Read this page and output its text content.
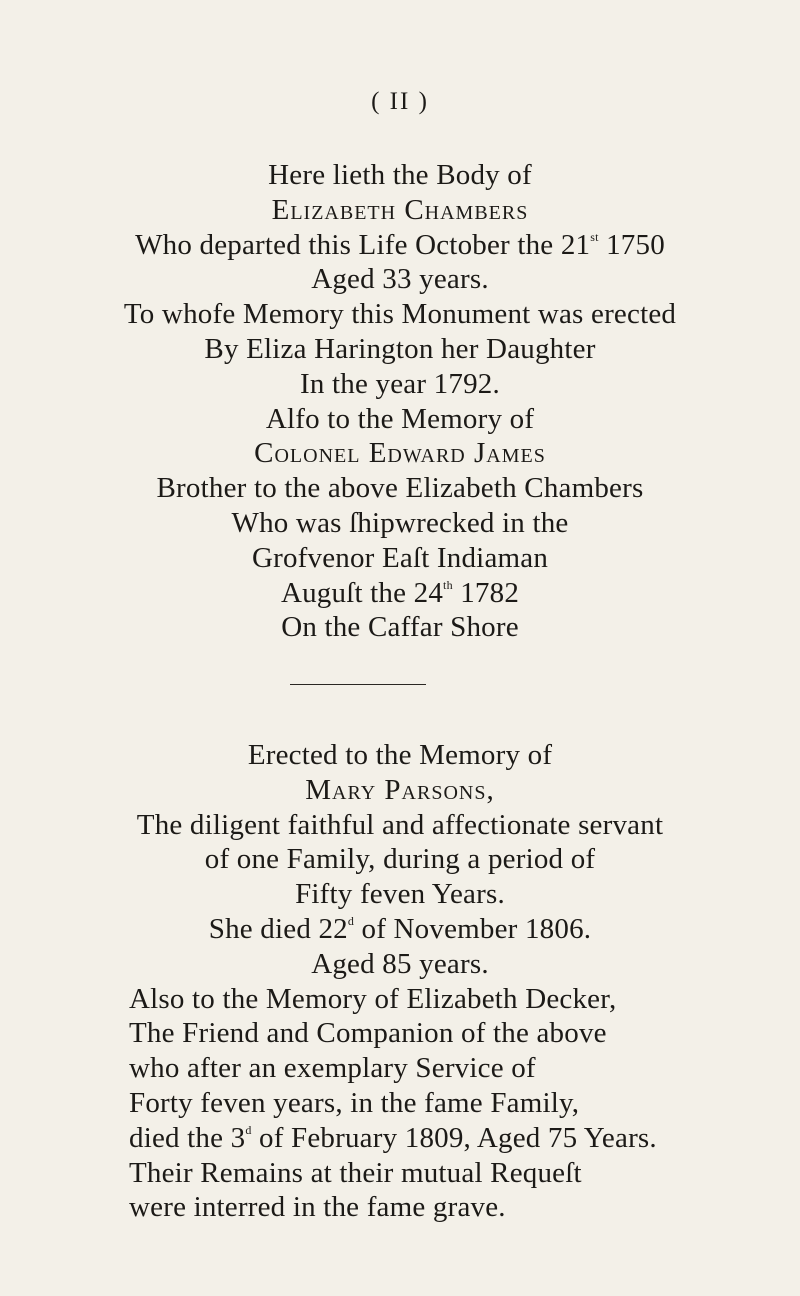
( II )
Here lieth the Body of
Elizabeth Chambers
Who departed this Life October the 21st 1750
Aged 33 years.
To whofe Memory this Monument was erected
By Eliza Harington her Daughter
In the year 1792.
Alfo to the Memory of
Colonel Edward James
Brother to the above Elizabeth Chambers
Who was ſhipwrecked in the
Grofvenor Eaſt Indiaman
Auguſt the 24th 1782
On the Caffar Shore
Erected to the Memory of
Mary Parsons,
The diligent faithful and affectionate servant
of one Family, during a period of
Fifty feven Years.
She died 22$^d$ of November 1806.
Aged 85 years.
Also to the Memory of Elizabeth Decker,
The Friend and Companion of the above
who after an exemplary Service of
Forty feven years, in the fame Family,
died the 3$^d$ of February 1809, Aged 75 Years.
Their Remains at their mutual Requeſt
were interred in the fame grave.
